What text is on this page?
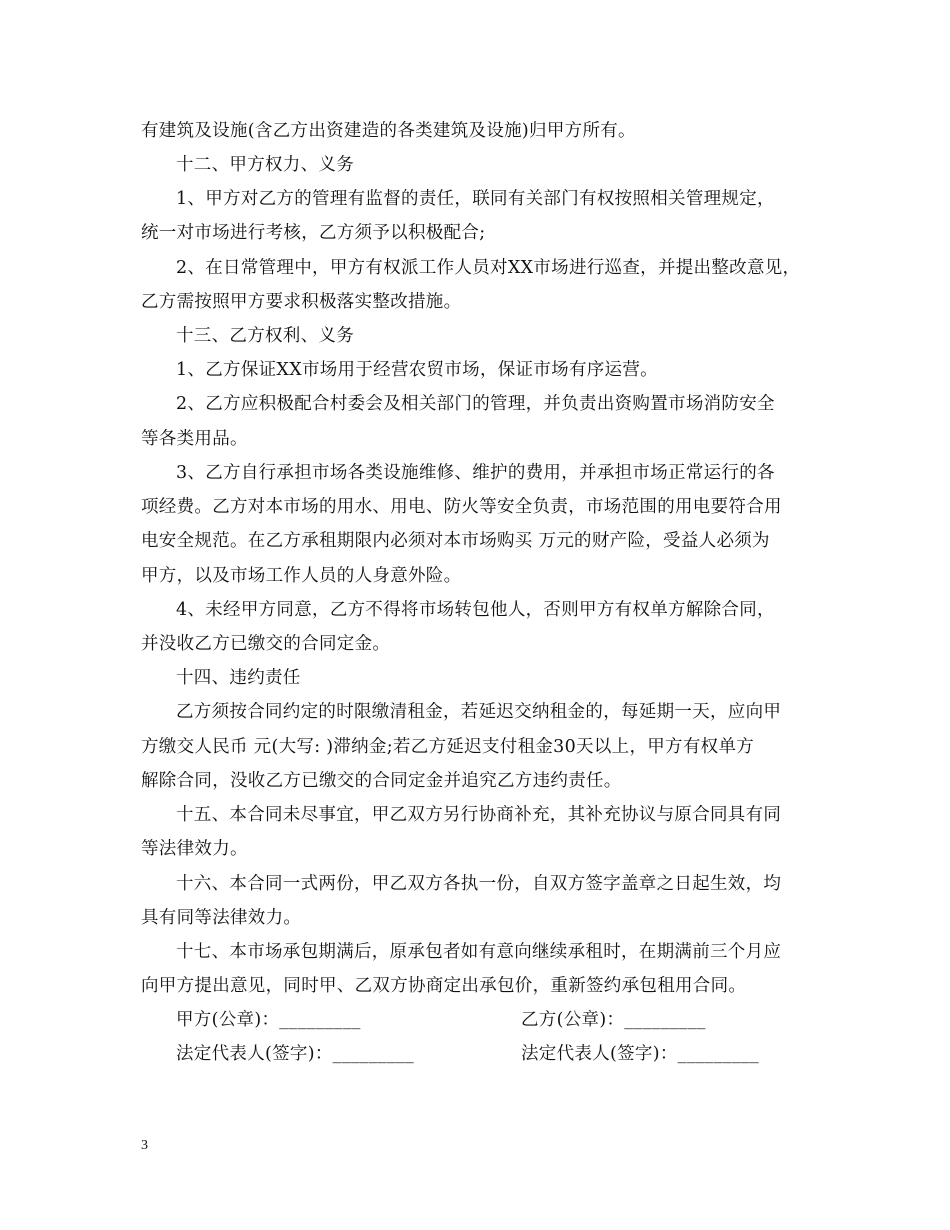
有建筑及设施(含乙方出资建造的各类建筑及设施)归甲方所有。
十二、甲方权力、义务
1、甲方对乙方的管理有监督的责任，联同有关部门有权按照相关管理规定，
统一对市场进行考核，乙方须予以积极配合;
2、在日常管理中，甲方有权派工作人员对XX市场进行巡查，并提出整改意见，
乙方需按照甲方要求积极落实整改措施。
十三、乙方权利、义务
1、乙方保证XX市场用于经营农贸市场，保证市场有序运营。
2、乙方应积极配合村委会及相关部门的管理，并负责出资购置市场消防安全
等各类用品。
3、乙方自行承担市场各类设施维修、维护的费用，并承担市场正常运行的各
项经费。乙方对本市场的用水、用电、防火等安全负责，市场范围的用电要符合用
电安全规范。在乙方承租期限内必须对本市场购买 万元的财产险，受益人必须为
甲方，以及市场工作人员的人身意外险。
4、未经甲方同意，乙方不得将市场转包他人，否则甲方有权单方解除合同，
并没收乙方已缴交的合同定金。
十四、违约责任
乙方须按合同约定的时限缴清租金，若延迟交纳租金的，每延期一天，应向甲
方缴交人民币 元(大写: )滞纳金;若乙方延迟支付租金30天以上，甲方有权单方
解除合同，没收乙方已缴交的合同定金并追究乙方违约责任。
十五、本合同未尽事宜，甲乙双方另行协商补充，其补充协议与原合同具有同
等法律效力。
十六、本合同一式两份，甲乙双方各执一份，自双方签字盖章之日起生效，均
具有同等法律效力。
十七、本市场承包期满后，原承包者如有意向继续承租时，在期满前三个月应
向甲方提出意见，同时甲、乙双方协商定出承包价，重新签约承包租用合同。
甲方(公章)：_________	乙方(公章)：_________
法定代表人(签字)：_________	法定代表人(签字)：_________
3
